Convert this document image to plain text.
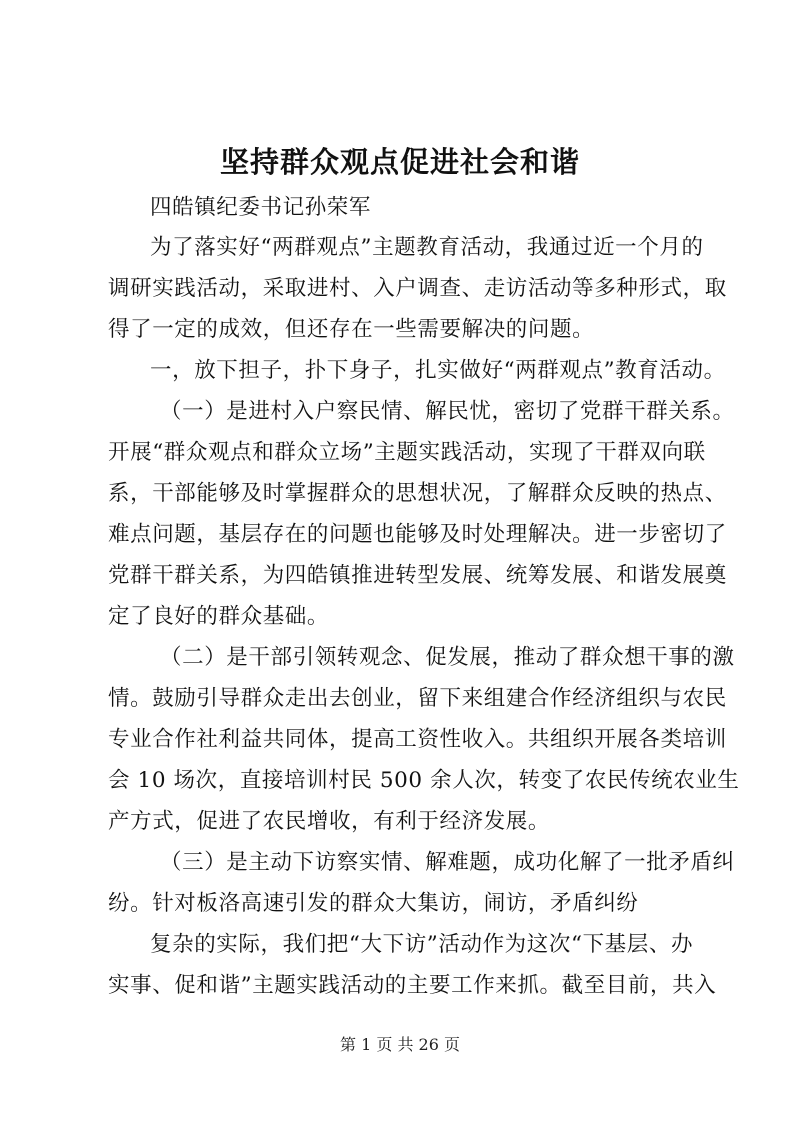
坚持群众观点促进社会和谐
四皓镇纪委书记孙荣军
为了落实好“两群观点”主题教育活动，我通过近一个月的
调研实践活动，采取进村、入户调查、走访活动等多种形式，取
得了一定的成效，但还存在一些需要解决的问题。
一，放下担子，扑下身子，扎实做好“两群观点”教育活动。
（一）是进村入户察民情、解民忧，密切了党群干群关系。
开展“群众观点和群众立场”主题实践活动，实现了干群双向联
系，干部能够及时掌握群众的思想状况，了解群众反映的热点、
难点问题，基层存在的问题也能够及时处理解决。进一步密切了
党群干群关系，为四皓镇推进转型发展、统筹发展、和谐发展奠
定了良好的群众基础。
（二）是干部引领转观念、促发展，推动了群众想干事的激
情。鼓励引导群众走出去创业，留下来组建合作经济组织与农民
专业合作社利益共同体，提高工资性收入。共组织开展各类培训
会 10 场次，直接培训村民 500 余人次，转变了农民传统农业生
产方式，促进了农民增收，有利于经济发展。
（三）是主动下访察实情、解难题，成功化解了一批矛盾纠
纷。针对板洛高速引发的群众大集访，闹访，矛盾纠纷
复杂的实际，我们把“大下访”活动作为这次“下基层、办
实事、促和谐”主题实践活动的主要工作来抓。截至目前，共入
第 1 页 共 26 页
